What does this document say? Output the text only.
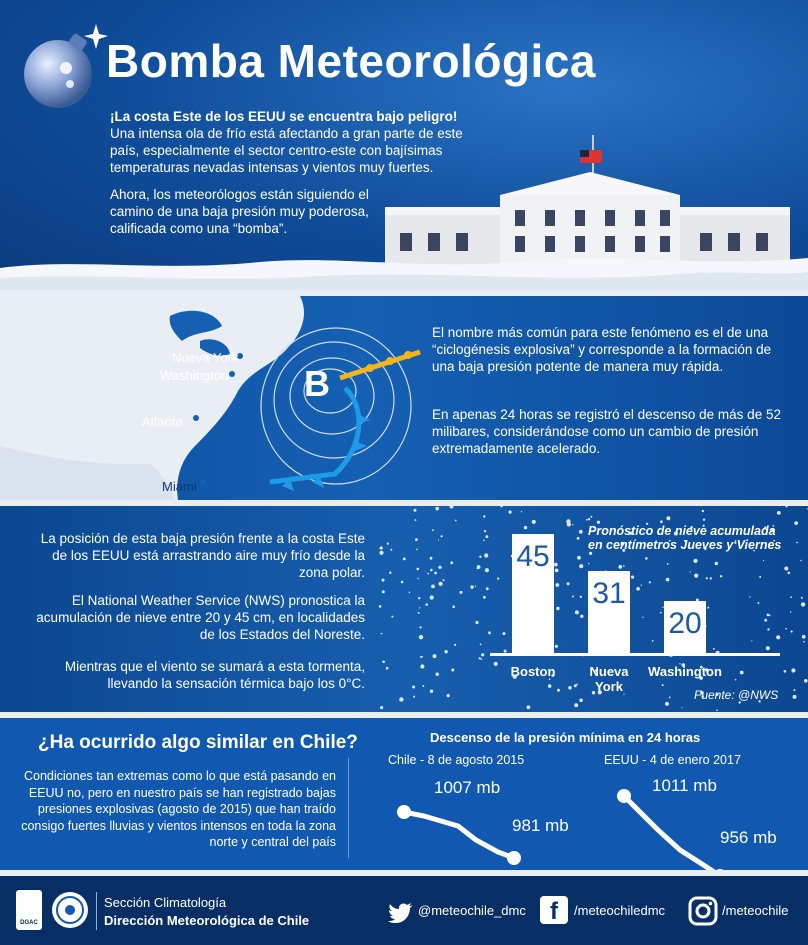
Bomba Meteorológica
¡La costa Este de los EEUU se encuentra bajo peligro!
Una intensa ola de frío está afectando a gran parte de este país, especialmente el sector centro-este con bajísimas temperaturas nevadas intensas y vientos muy fuertes.
Ahora, los meteorólogos están siguiendo el camino de una baja presión muy poderosa, calificada como una “bomba”.
Nueva York
Washington
Atlanta
Miami
B
El nombre más común para este fenómeno es el de una “ciclogénesis explosiva” y corresponde a la formación de una baja presión potente de manera muy rápida.
En apenas 24 horas se registró el descenso de más de 52 milibares, considerándose como un cambio de presión extremadamente acelerado.
La posición de esta baja presión frente a la costa Este de los EEUU está arrastrando aire muy frío desde la zona polar.
El National Weather Service (NWS) pronostica la acumulación de nieve entre 20 y 45 cm, en localidades de los Estados del Noreste.
Mientras que el viento se sumará a esta tormenta, llevando la sensación térmica bajo los 0°C.
Pronóstico de nieve acumulada en centímetros Jueves y Viernes
45
Boston
31
Nueva York
20
Washington
Fuente: @NWS
¿Ha ocurrido algo similar en Chile?
Condiciones tan extremas como lo que está pasando en EEUU no, pero en nuestro país se han registrado bajas presiones explosivas (agosto de 2015) que han traído consigo fuertes lluvias y vientos intensos en toda la zona norte y central del país
Descenso de la presión mínima en 24 horas
Chile - 8 de agosto 2015	EEUU - 4 de enero 2017
1007 mb
981 mb
1011 mb
956 mb
DGAC
Sección Climatología
Dirección Meteorológica de Chile
@meteochile_dmc f /meteochiledmc	/meteochile
